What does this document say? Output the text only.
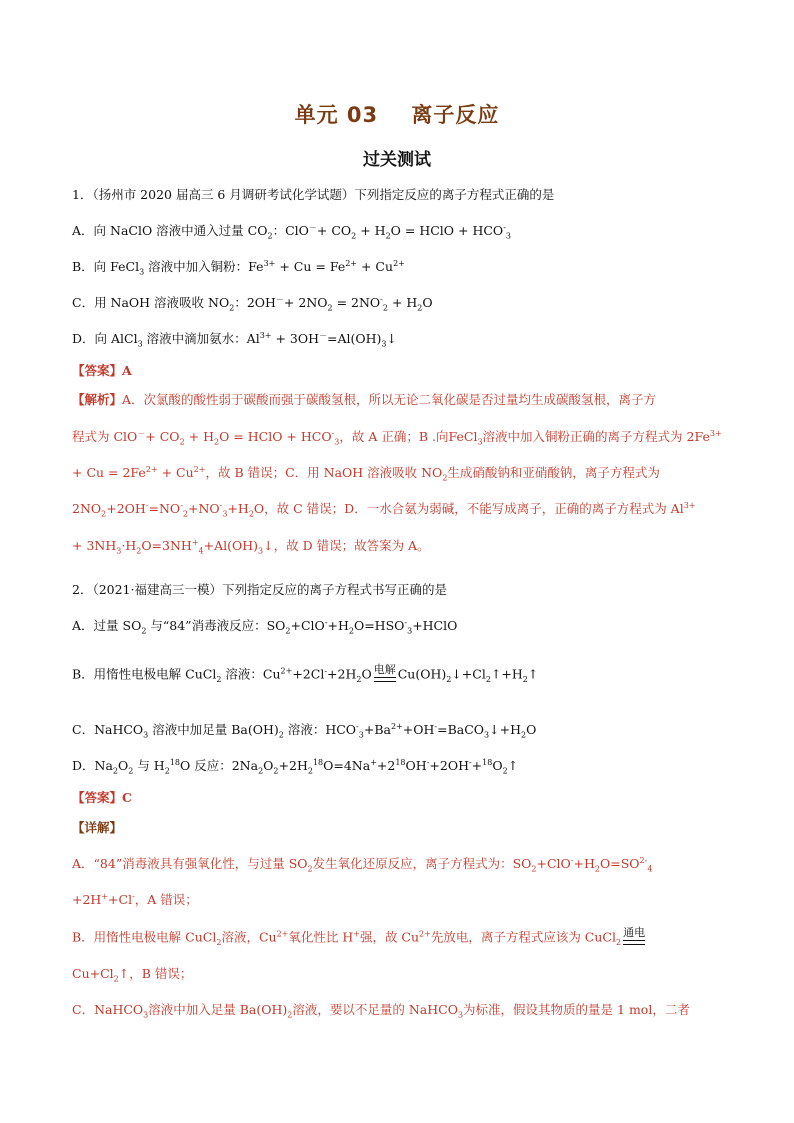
单元 03    离子反应
过关测试
1．（扬州市 2020 届高三 6 月调研考试化学试题）下列指定反应的离子方程式正确的是
A．向 NaClO 溶液中通入过量 $CO_2$：$ClO^-+ CO_2 + H_2O$ = HClO + $HCO^-_3$
B．向 FeCl$_3$ 溶液中加入铜粉：$Fe^{3+} + Cu = Fe^{2+} + Cu^{2+}$
C．用 NaOH 溶液吸收 $NO_2$：$2OH^-+ 2NO_2 = 2NO^-_2 + H_2O$
D．向 AlCl$_3$ 溶液中滴加氨水：$Al^{3+}$ + $3OH^-=Al(OH)_3↓$
【答案】A
【解析】A．次氯酸的酸性弱于碳酸而强于碳酸氢根，所以无论二氧化碳是否过量均生成碳酸氢根，离子方
程式为 $ClO^-+ CO_2 + H_2O$ = HClO + $HCO^-_3$，故 A 正确；B .向FeCl$_3$溶液中加入铜粉正确的离子方程式为 $2Fe^{3+}$
+ $Cu = 2Fe^{2+} + Cu^{2+}$，故 B 错误；C．用 NaOH 溶液吸收 $NO_2$生成硝酸钠和亚硝酸钠，离子方程式为
$2NO_2+2OH^-=NO^-_2+NO^-_3+H_2O$，故 C 错误；D．一水合氨为弱碱，不能写成离子，正确的离子方程式为 $Al^{3+}$
+ $3NH_3\cdot H_2O=3NH^+_4+Al(OH)_3↓$，故 D 错误；故答案为 A。
2．（2021·福建高三一模）下列指定反应的离子方程式书写正确的是
A．过量 $SO_2$ 与“84”消毒液反应：$SO_2+ClO^-+H_2O=HSO^-_3+HClO$
B．用惰性电极电解 CuCl$_2$ 溶液：$Cu^{2+}+2Cl^-+2H_2O$ 电解 $Cu(OH)_2↓+Cl_2↑+H_2↑$
C．NaHCO$_3$ 溶液中加足量 $Ba(OH)_2$ 溶液：$HCO^-_3+Ba^{2+}+OH^-=BaCO_3↓+H_2O$
D．$Na_2O_2$ 与 $H_2^{18}O$ 反应：$2Na_2O_2+2H_2^{18}O=4Na^++2^{18}OH^-+2OH^-+^{18}O_2↑$
【答案】C
【详解】
A．“84”消毒液具有强氧化性，与过量 $SO_2$发生氧化还原反应，离子方程式为：$SO_2+ClO^-+H_2O=SO^{2-}_4$
+2H++Cl-，A 错误；
B．用惰性电极电解 CuCl$_2$溶液，$Cu^{2+}$氧化性比 H+强，故 $Cu^{2+}$先放电，离子方程式应该为 CuCl$_2$
通电
$Cu+Cl_2↑$，B 错误；
C．NaHCO$_3$溶液中加入足量 $Ba(OH)_2$溶液，要以不足量的 NaHCO$_3$为标准，假设其物质的量是 1 mol，二者
